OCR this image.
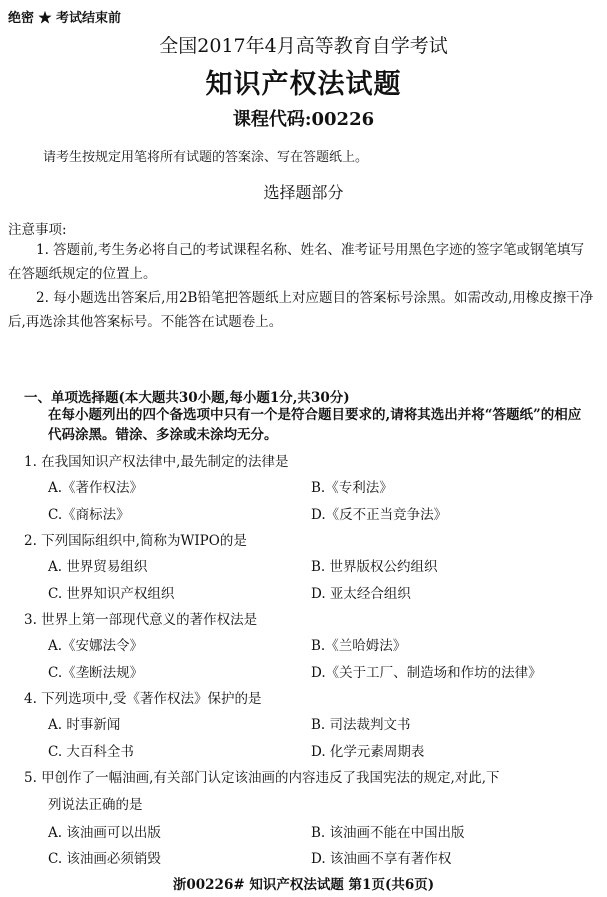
绝密 ★ 考试结束前
全国2017年4月高等教育自学考试
知识产权法试题
课程代码:00226
请考生按规定用笔将所有试题的答案涂、写在答题纸上。
选择题部分
注意事项:
1. 答题前,考生务必将自己的考试课程名称、姓名、准考证号用黑色字迹的签字笔或钢笔填写在答题纸规定的位置上。
2. 每小题选出答案后,用2B铅笔把答题纸上对应题目的答案标号涂黑。如需改动,用橡皮擦干净后,再选涂其他答案标号。不能答在试题卷上。
一、单项选择题(本大题共30小题,每小题1分,共30分)
在每小题列出的四个备选项中只有一个是符合题目要求的,请将其选出并将“答题纸”的相应代码涂黑。错涂、多涂或未涂均无分。
1. 在我国知识产权法律中,最先制定的法律是
A.《著作权法》	B.《专利法》
C.《商标法》	D.《反不正当竞争法》
2. 下列国际组织中,简称为WIPO的是
A. 世界贸易组织	B. 世界版权公约组织
C. 世界知识产权组织	D. 亚太经合组织
3. 世界上第一部现代意义的著作权法是
A.《安娜法令》	B.《兰哈姆法》
C.《垄断法规》	D.《关于工厂、制造场和作坊的法律》
4. 下列选项中,受《著作权法》保护的是
A. 时事新闻	B. 司法裁判文书
C. 大百科全书	D. 化学元素周期表
5. 甲创作了一幅油画,有关部门认定该油画的内容违反了我国宪法的规定,对此,下
列说法正确的是
A. 该油画可以出版	B. 该油画不能在中国出版
C. 该油画必须销毁	D. 该油画不享有著作权
浙00226# 知识产权法试题 第1页(共6页)
